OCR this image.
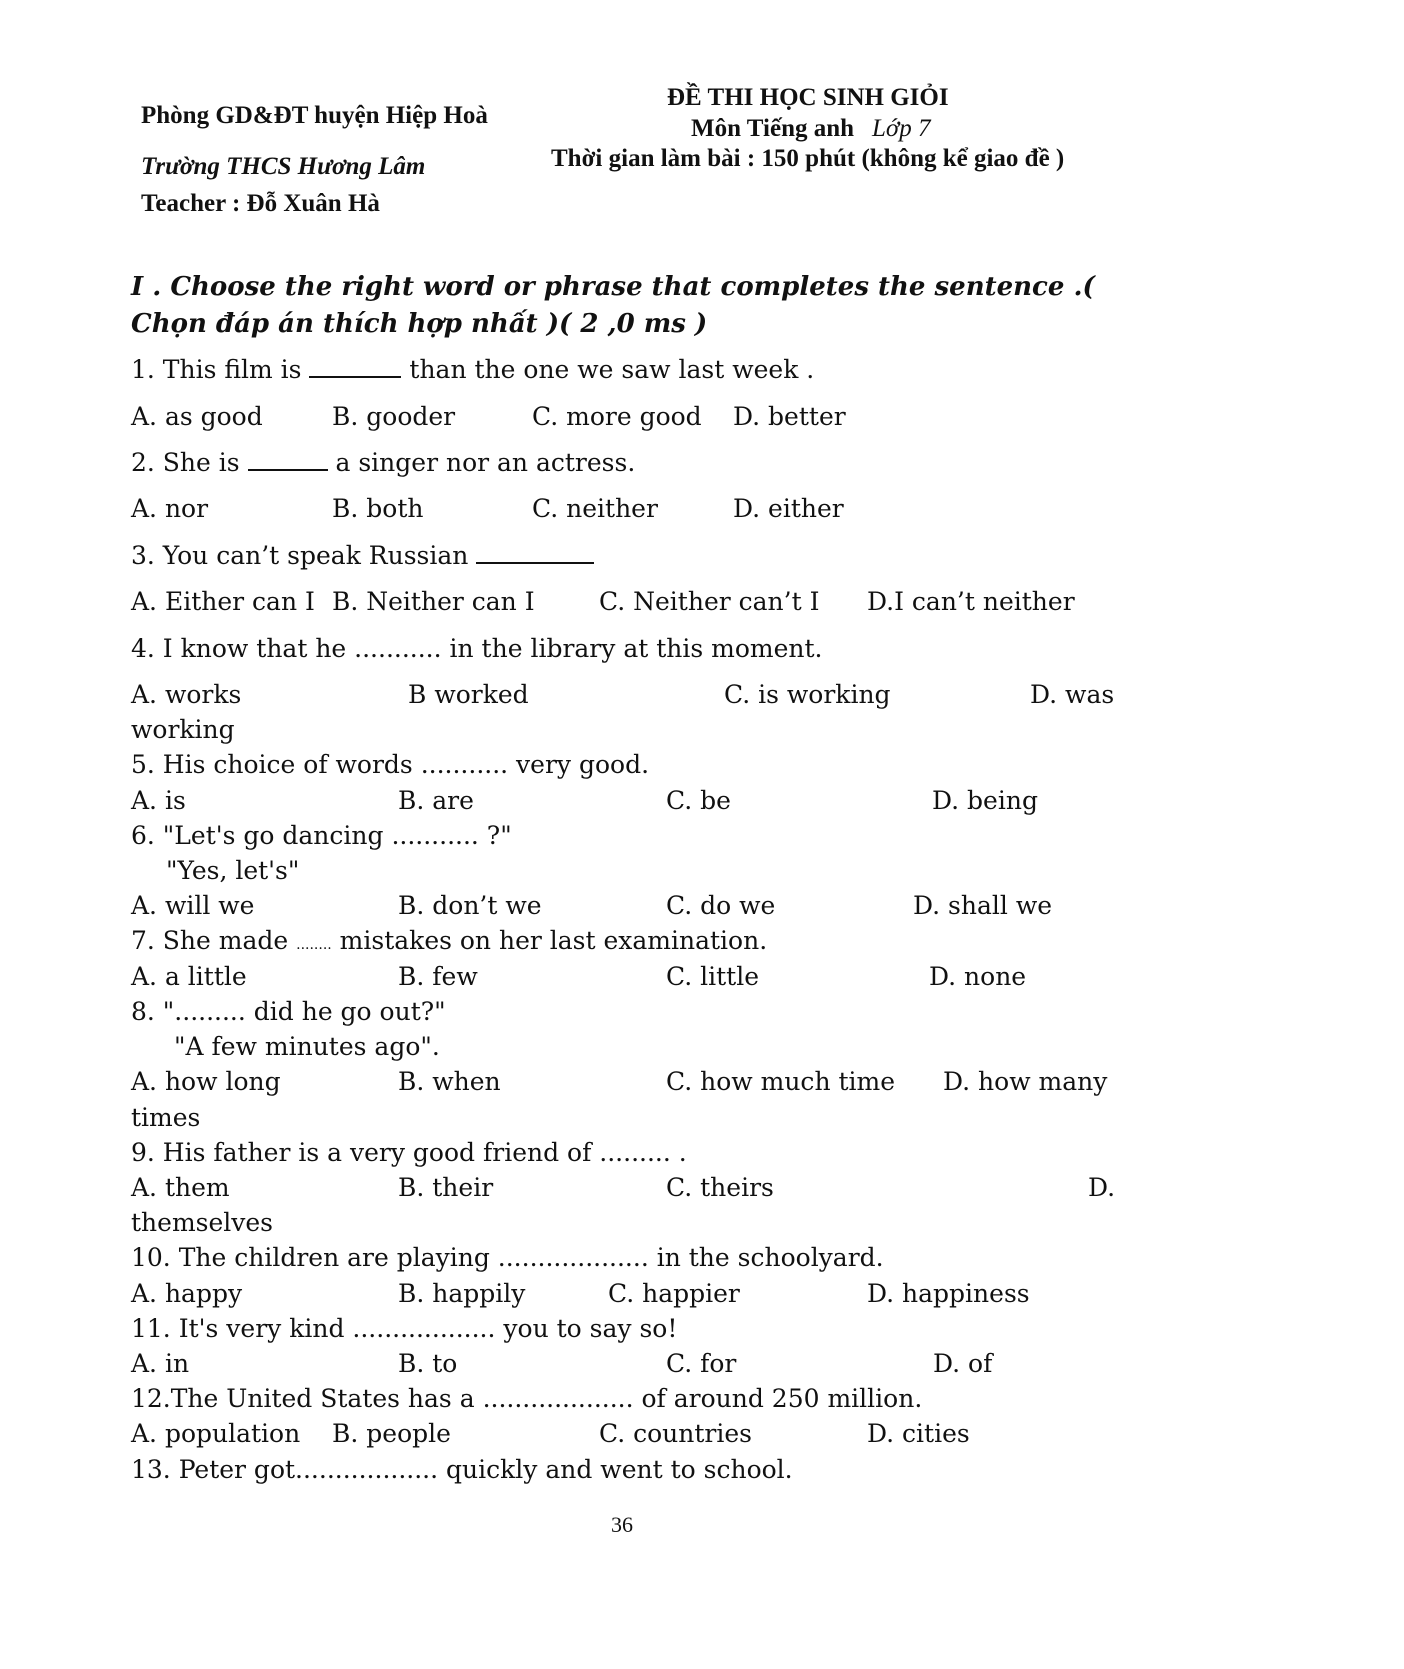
Phòng GD&ĐT huyện Hiệp Hoà
Trường THCS Hương Lâm
Teacher : Đỗ Xuân Hà
ĐỀ THI HỌC SINH GIỎI
Môn Tiếng anh Lớp 7
Thời gian làm bài : 150 phút (không kể giao đề )
I . Choose the right word or phrase that completes the sentence .(
Chọn đáp án thích hợp nhất )( 2 ,0 ms )
1. This film is	than the one we saw last week .
A. as good	B. gooder	C. more good D. better
2. She is	a singer nor an actress.
A. nor	B. both	C. neither	D. either
3. You can’t speak Russian
A. Either can I B. Neither can I	C. Neither can’t I D.I can’t neither
4. I know that he ........... in the library at this moment.
A. works	B worked	C. is working	D. was
working
5. His choice of words ........... very good.
A. is	B. are	C. be	D. being
6. "Let's go dancing ........... ?"
"Yes, let's"
A. will we	B. don’t we	C. do we	D. shall we
7. She made ........ mistakes on her last examination.
A. a little	B. few	C. little	D. none
8. "......... did he go out?"
"A few minutes ago".
A. how long	B. when	C. how much time D. how many
times
9. His father is a very good friend of ......... .
A. them	B. their	C. theirs	D.
themselves
10. The children are playing ................... in the schoolyard.
A. happy	B. happily	C. happier	D. happiness
11. It's very kind .................. you to say so!
A. in	B. to	C. for	D. of
12.The United States has a ................... of around 250 million.
A. population B. people	C. countries	D. cities
13. Peter got.................. quickly and went to school.
36
